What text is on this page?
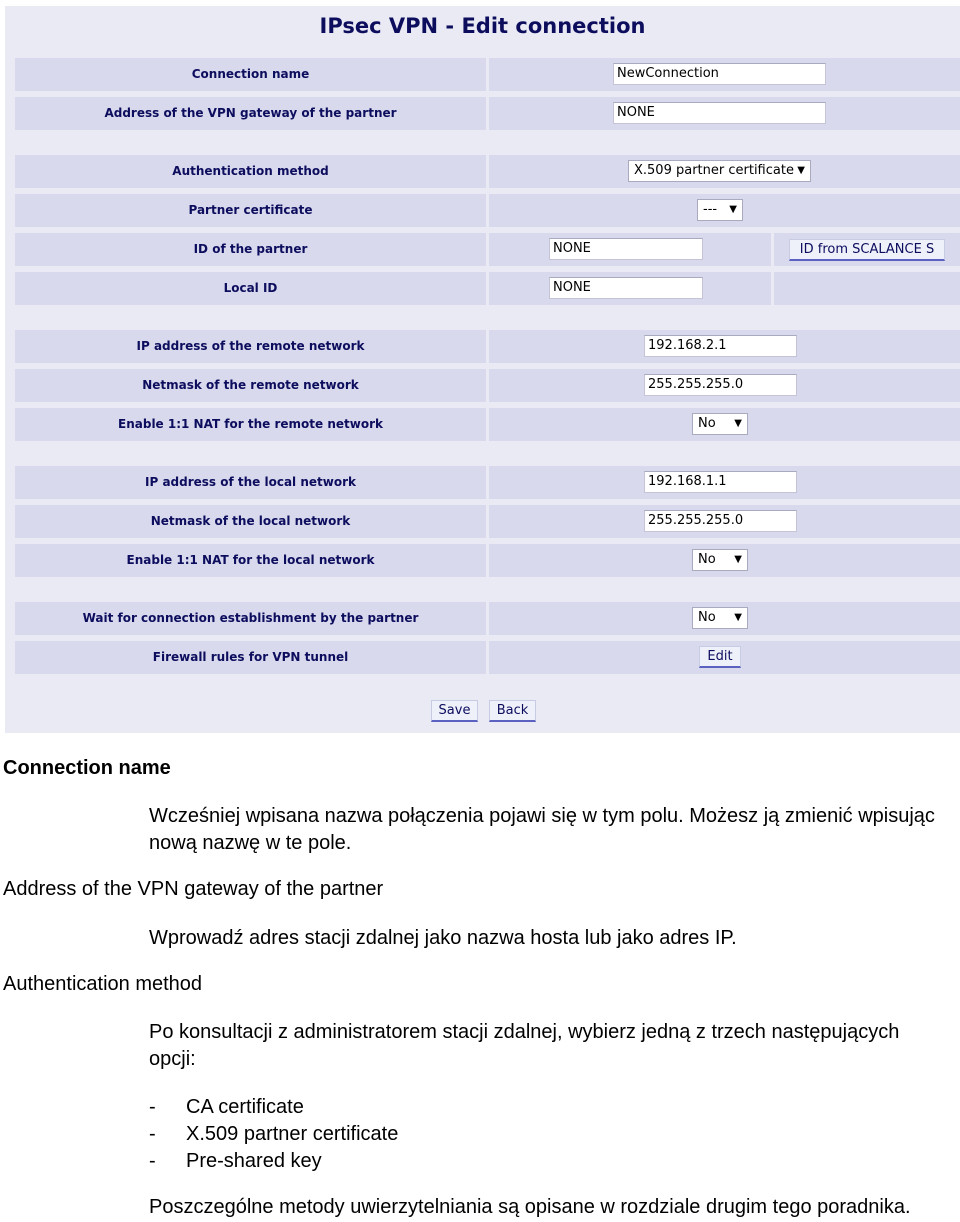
IPsec VPN - Edit connection
Connection name	NewConnection
Address of the VPN gateway of the partner	NONE
Authentication method	X.509 partner certificate ▼
Partner certificate	--- ▼
ID of the partner	NONE	ID from SCALANCE S
Local ID	NONE
IP address of the remote network	192.168.2.1
Netmask of the remote network	255.255.255.0
Enable 1:1 NAT for the remote network	No ▼
IP address of the local network	192.168.1.1
Netmask of the local network	255.255.255.0
Enable 1:1 NAT for the local network	No ▼
Wait for connection establishment by the partner	No ▼
Firewall rules for VPN tunnel	Edit
Save	Back
Connection name
Wcześniej wpisana nazwa połączenia pojawi się w tym polu. Możesz ją zmienić wpisując nową nazwę w te pole.
Address of the VPN gateway of the partner
Wprowadź adres stacji zdalnej jako nazwa hosta lub jako adres IP.
Authentication method
Po konsultacji z administratorem stacji zdalnej, wybierz jedną z trzech następujących opcji:
- CA certificate
- X.509 partner certificate
- Pre-shared key
Poszczególne metody uwierzytelniania są opisane w rozdziale drugim tego poradnika.
